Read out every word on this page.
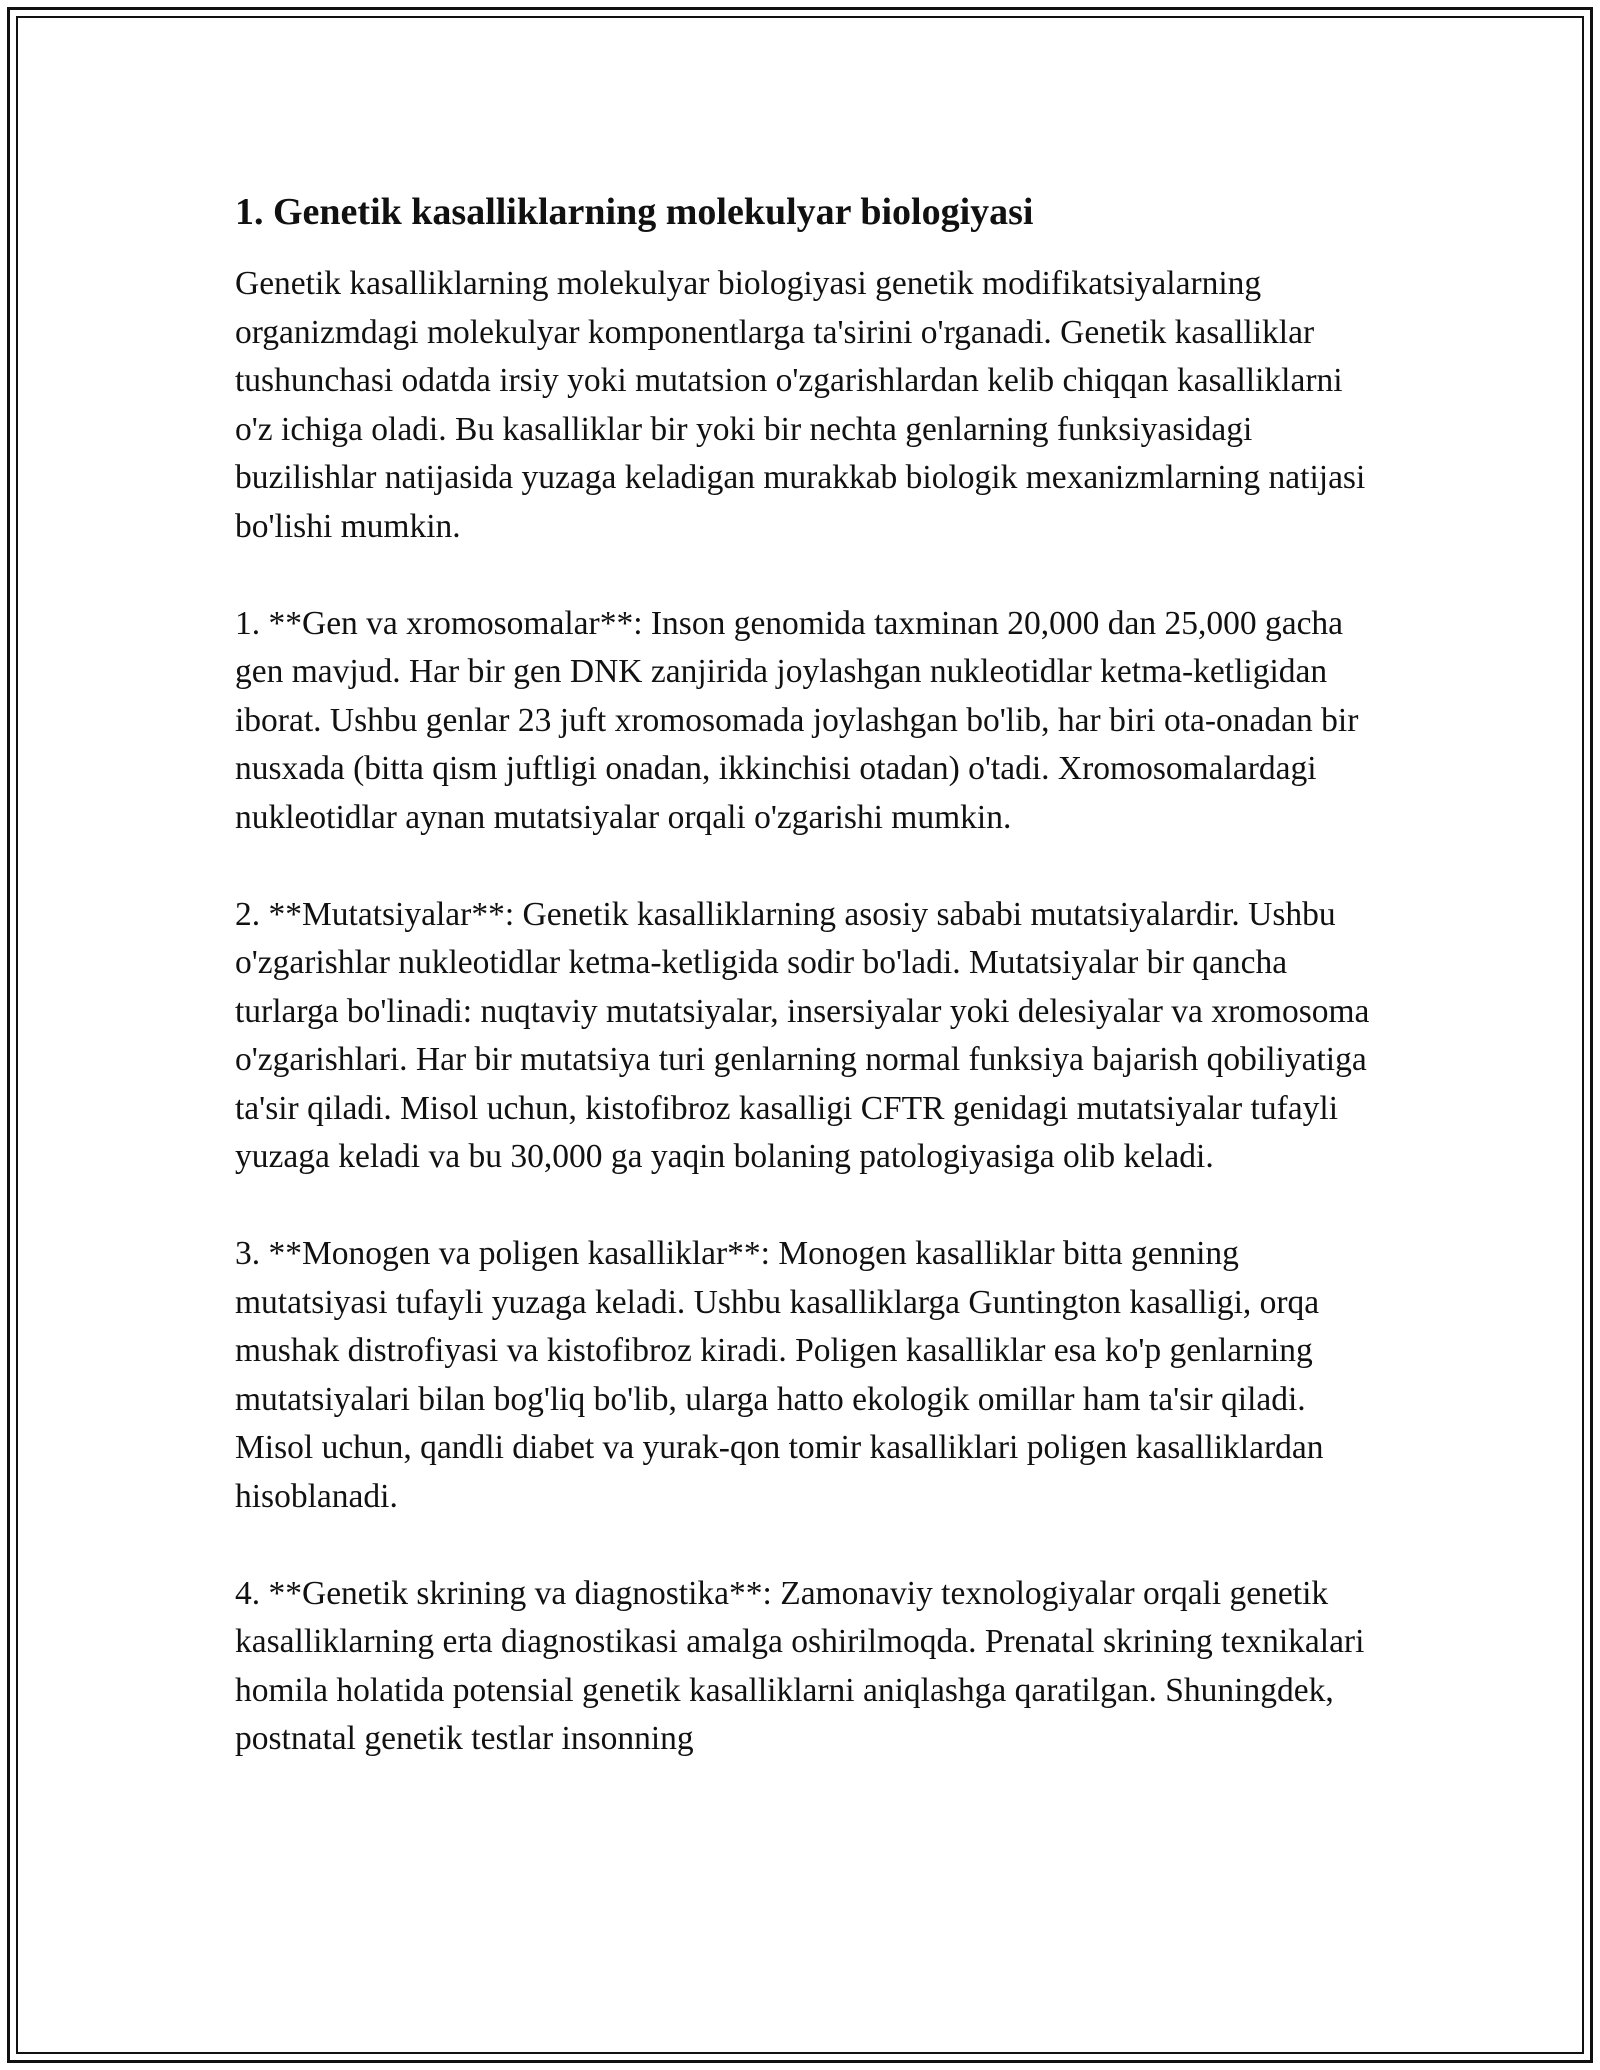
1. Genetik kasalliklarning molekulyar biologiyasi

Genetik kasalliklarning molekulyar biologiyasi genetik modifikatsiyalarning organizmdagi molekulyar komponentlarga ta'sirini o'rganadi. Genetik kasalliklar tushunchasi odatda irsiy yoki mutatsion o'zgarishlardan kelib chiqqan kasalliklarni o'z ichiga oladi. Bu kasalliklar bir yoki bir nechta genlarning funksiyasidagi buzilishlar natijasida yuzaga keladigan murakkab biologik mexanizmlarning natijasi bo'lishi mumkin.

1. **Gen va xromosomalar**: Inson genomida taxminan 20,000 dan 25,000 gacha gen mavjud. Har bir gen DNK zanjirida joylashgan nukleotidlar ketma-ketligidan iborat. Ushbu genlar 23 juft xromosomada joylashgan bo'lib, har biri ota-onadan bir nusxada (bitta qism juftligi onadan, ikkinchisi otadan) o'tadi. Xromosomalardagi nukleotidlar aynan mutatsiyalar orqali o'zgarishi mumkin.

2. **Mutatsiyalar**: Genetik kasalliklarning asosiy sababi mutatsiyalardir. Ushbu o'zgarishlar nukleotidlar ketma-ketligida sodir bo'ladi. Mutatsiyalar bir qancha turlarga bo'linadi: nuqtaviy mutatsiyalar, insersiyalar yoki delesiyalar va xromosoma o'zgarishlari. Har bir mutatsiya turi genlarning normal funksiya bajarish qobiliyatiga ta'sir qiladi. Misol uchun, kistofibroz kasalligi CFTR genidagi mutatsiyalar tufayli yuzaga keladi va bu 30,000 ga yaqin bolaning patologiyasiga olib keladi.

3. **Monogen va poligen kasalliklar**: Monogen kasalliklar bitta genning mutatsiyasi tufayli yuzaga keladi. Ushbu kasalliklarga Guntington kasalligi, orqa mushak distrofiyasi va kistofibroz kiradi. Poligen kasalliklar esa ko'p genlarning mutatsiyalari bilan bog'liq bo'lib, ularga hatto ekologik omillar ham ta'sir qiladi. Misol uchun, qandli diabet va yurak-qon tomir kasalliklari poligen kasalliklardan hisoblanadi.

4. **Genetik skrining va diagnostika**: Zamonaviy texnologiyalar orqali genetik kasalliklarning erta diagnostikasi amalga oshirilmoqda. Prenatal skrining texnikalari homila holatida potensial genetik kasalliklarni aniqlashga qaratilgan. Shuningdek, postnatal genetik testlar insonning
